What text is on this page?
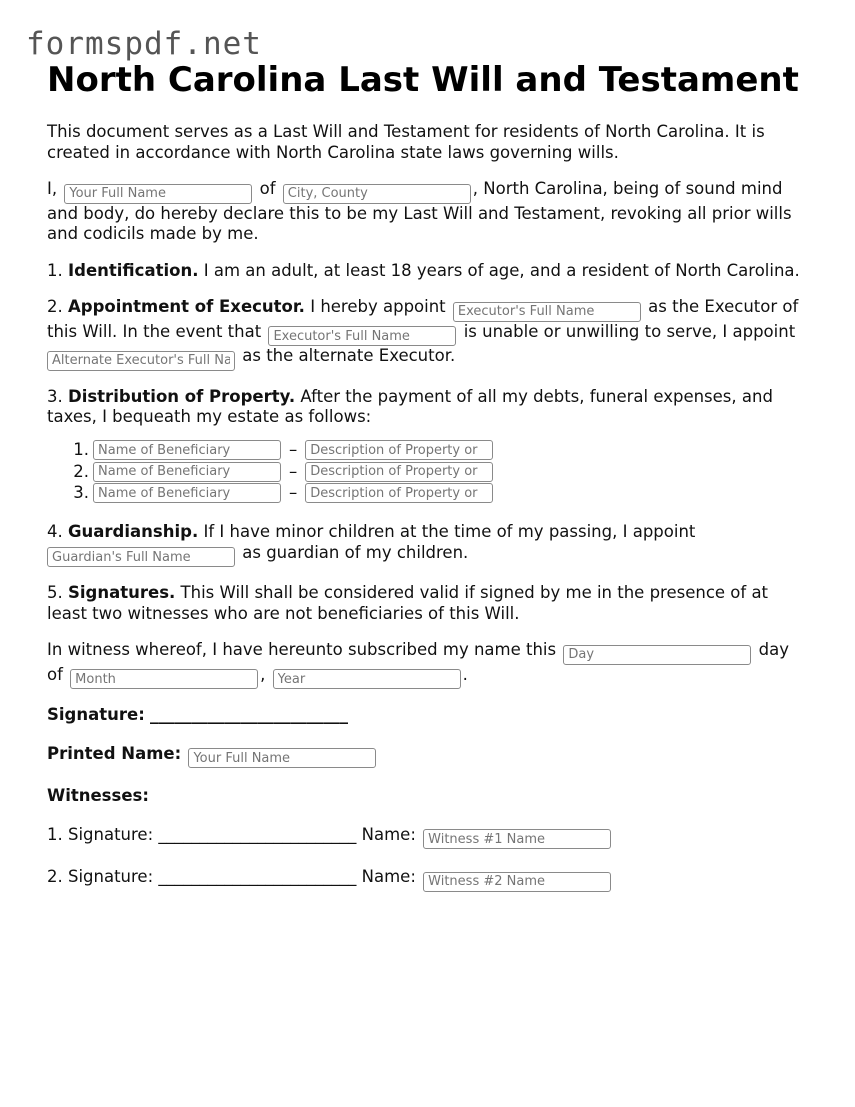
formspdf.net
North Carolina Last Will and Testament

This document serves as a Last Will and Testament for residents of North Carolina. It is created in accordance with North Carolina state laws governing wills.

I, Your Full Name	of City, County	, North Carolina, being of sound mind and body, do hereby declare this to be my Last Will and Testament, revoking all prior wills and codicils made by me.

1. Identification. I am an adult, at least 18 years of age, and a resident of North Carolina.

2. Appointment of Executor. I hereby appoint Executor's Full Name	as the Executor of this Will. In the event that Executor's Full Name	is unable or unwilling to serve, I appoint Alternate Executor's Full Name as the alternate Executor.

3. Distribution of Property. After the payment of all my debts, funeral expenses, and taxes, I bequeath my estate as follows:

1.
Name of Beneficiary	–
Description of Property or
2.
Name of Beneficiary	–
Description of Property or
3.
Name of Beneficiary	–
Description of Property or

4. Guardianship. If I have minor children at the time of my passing, I appoint Guardian's Full Name as guardian of my children.

5. Signatures. This Will shall be considered valid if signed by me in the presence of at least two witnesses who are not beneficiaries of this Will.

In witness whereof, I have hereunto subscribed my name this Day	day of Month	, Year	.

Signature: ________________________
Printed Name: Your Full Name
Witnesses:
1. Signature: ________________________ Name: Witness #1 Name
2. Signature: ________________________ Name: Witness #2 Name
